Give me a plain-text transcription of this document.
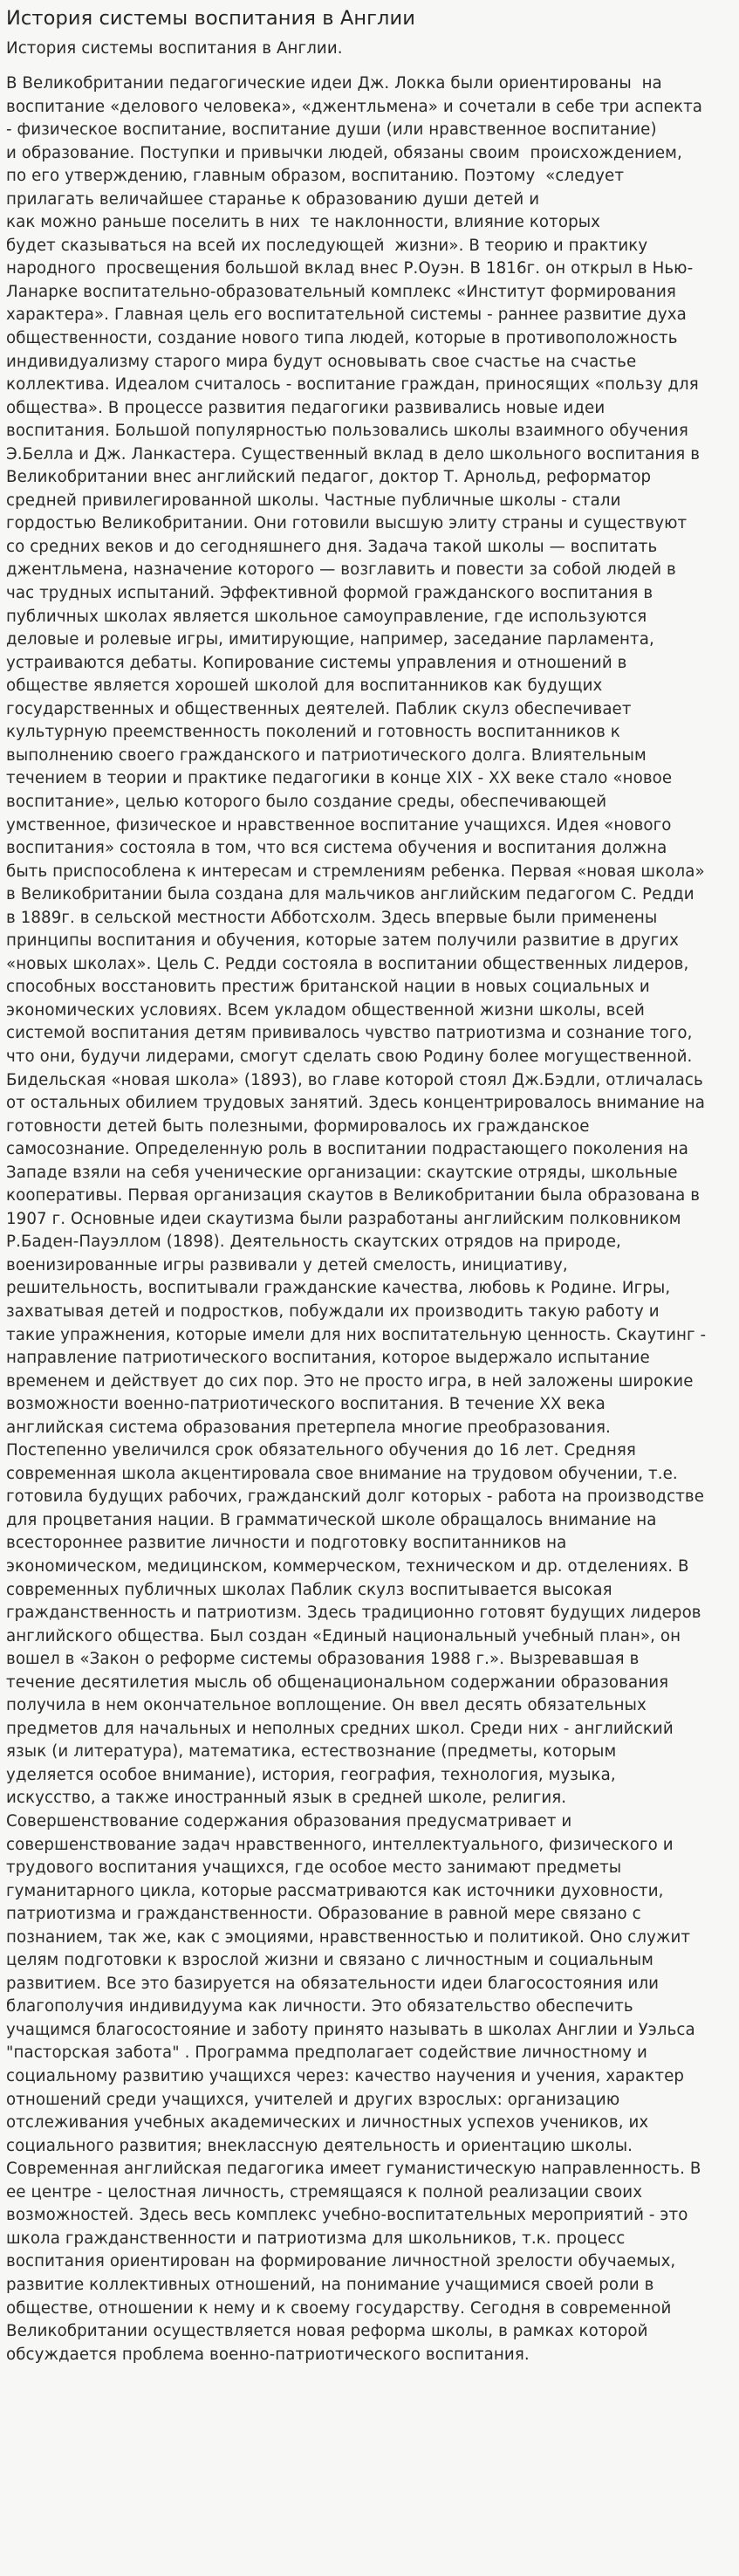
История системы воспитания в Англии
История системы воспитания в Англии.
В Великобритании педагогические идеи Дж. Локка были ориентированы  на
воспитание «делового человека», «джентльмена» и сочетали в себе три аспекта
- физическое воспитание, воспитание души (или нравственное воспитание)
и образование. Поступки и привычки людей, обязаны своим  происхождением,
по его утверждению, главным образом, воспитанию. Поэтому  «следует
прилагать величайшее старанье к образованию души детей и
как можно раньше поселить в них  те наклонности, влияние которых
будет сказываться на всей их последующей  жизни». В теорию и практику
народного  просвещения большой вклад внес Р.Оуэн. В 1816г. он открыл в Нью-
Ланарке воспитательно-образовательный комплекс «Институт формирования
характера». Главная цель его воспитательной системы - раннее развитие духа
общественности, создание нового типа людей, которые в противоположность
индивидуализму старого мира будут основывать свое счастье на счастье
коллектива. Идеалом считалось - воспитание граждан, приносящих «пользу для
общества». В процессе развития педагогики развивались новые идеи
воспитания. Большой популярностью пользовались школы взаимного обучения
Э.Белла и Дж. Ланкастера. Существенный вклад в дело школьного воспитания в
Великобритании внес английский педагог, доктор Т. Арнольд, реформатор
средней привилегированной школы. Частные публичные школы - стали
гордостью Великобритании. Они готовили высшую элиту страны и существуют
со средних веков и до сегодняшнего дня. Задача такой школы — воспитать
джентльмена, назначение которого — возглавить и повести за собой людей в
час трудных испытаний. Эффективной формой гражданского воспитания в
публичных школах является школьное самоуправление, где используются
деловые и ролевые игры, имитирующие, например, заседание парламента,
устраиваются дебаты. Копирование системы управления и отношений в
обществе является хорошей школой для воспитанников как будущих
государственных и общественных деятелей. Паблик скулз обеспечивает
культурную преемственность поколений и готовность воспитанников к
выполнению своего гражданского и патриотического долга. Влиятельным
течением в теории и практике педагогики в конце XIX - XX веке стало «новое
воспитание», целью которого было создание среды, обеспечивающей
умственное, физическое и нравственное воспитание учащихся. Идея «нового
воспитания» состояла в том, что вся система обучения и воспитания должна
быть приспособлена к интересам и стремлениям ребенка. Первая «новая школа»
в Великобритании была создана для мальчиков английским педагогом С. Редди
в 1889г. в сельской местности Абботсхолм. Здесь впервые были применены
принципы воспитания и обучения, которые затем получили развитие в других
«новых школах». Цель С. Редди состояла в воспитании общественных лидеров,
способных восстановить престиж британской нации в новых социальных и
экономических условиях. Всем укладом общественной жизни школы, всей
системой воспитания детям прививалось чувство патриотизма и сознание того,
что они, будучи лидерами, смогут сделать свою Родину более могущественной.
Бидельская «новая школа» (1893), во главе которой стоял Дж.Бэдли, отличалась
от остальных обилием трудовых занятий. Здесь концентрировалось внимание на
готовности детей быть полезными, формировалось их гражданское
самосознание. Определенную роль в воспитании подрастающего поколения на
Западе взяли на себя ученические организации: скаутские отряды, школьные
кооперативы. Первая организация скаутов в Великобритании была образована в
1907 г. Основные идеи скаутизма были разработаны английским полковником
Р.Баден-Пауэллом (1898). Деятельность скаутских отрядов на природе,
военизированные игры развивали у детей смелость, инициативу,
решительность, воспитывали гражданские качества, любовь к Родине. Игры,
захватывая детей и подростков, побуждали их производить такую работу и
такие упражнения, которые имели для них воспитательную ценность. Скаутинг -
направление патриотического воспитания, которое выдержало испытание
временем и действует до сих пор. Это не просто игра, в ней заложены широкие
возможности военно-патриотического воспитания. В течение XX века
английская система образования претерпела многие преобразования.
Постепенно увеличился срок обязательного обучения до 16 лет. Средняя
современная школа акцентировала свое внимание на трудовом обучении, т.е.
готовила будущих рабочих, гражданский долг которых - работа на производстве
для процветания нации. В грамматической школе обращалось внимание на
всестороннее развитие личности и подготовку воспитанников на
экономическом, медицинском, коммерческом, техническом и др. отделениях. В
современных публичных школах Паблик скулз воспитывается высокая
гражданственность и патриотизм. Здесь традиционно готовят будущих лидеров
английского общества. Был создан «Единый национальный учебный план», он
вошел в «Закон о реформе системы образования 1988 г.». Вызревавшая в
течение десятилетия мысль об общенациональном содержании образования
получила в нем окончательное воплощение. Он ввел десять обязательных
предметов для начальных и неполных средних школ. Среди них - английский
язык (и литература), математика, естествознание (предметы, которым
уделяется особое внимание), история, география, технология, музыка,
искусство, а также иностранный язык в средней школе, религия.
Совершенствование содержания образования предусматривает и
совершенствование задач нравственного, интеллектуального, физического и
трудового воспитания учащихся, где особое место занимают предметы
гуманитарного цикла, которые рассматриваются как источники духовности,
патриотизма и гражданственности. Образование в равной мере связано с
познанием, так же, как с эмоциями, нравственностью и политикой. Оно служит
целям подготовки к взрослой жизни и связано с личностным и социальным
развитием. Все это базируется на обязательности идеи благосостояния или
благополучия индивидуума как личности. Это обязательство обеспечить
учащимся благосостояние и заботу принято называть в школах Англии и Уэльса
"пасторская забота" . Программа предполагает содействие личностному и
социальному развитию учащихся через: качество научения и учения, характер
отношений среди учащихся, учителей и других взрослых: организацию
отслеживания учебных академических и личностных успехов учеников, их
социального развития; внеклассную деятельность и ориентацию школы.
Современная английская педагогика имеет гуманистическую направленность. В
ее центре - целостная личность, стремящаяся к полной реализации своих
возможностей. Здесь весь комплекс учебно-воспитательных мероприятий - это
школа гражданственности и патриотизма для школьников, т.к. процесс
воспитания ориентирован на формирование личностной зрелости обучаемых,
развитие коллективных отношений, на понимание учащимися своей роли в
обществе, отношении к нему и к своему государству. Сегодня в современной
Великобритании осуществляется новая реформа школы, в рамках которой
обсуждается проблема военно-патриотического воспитания.
